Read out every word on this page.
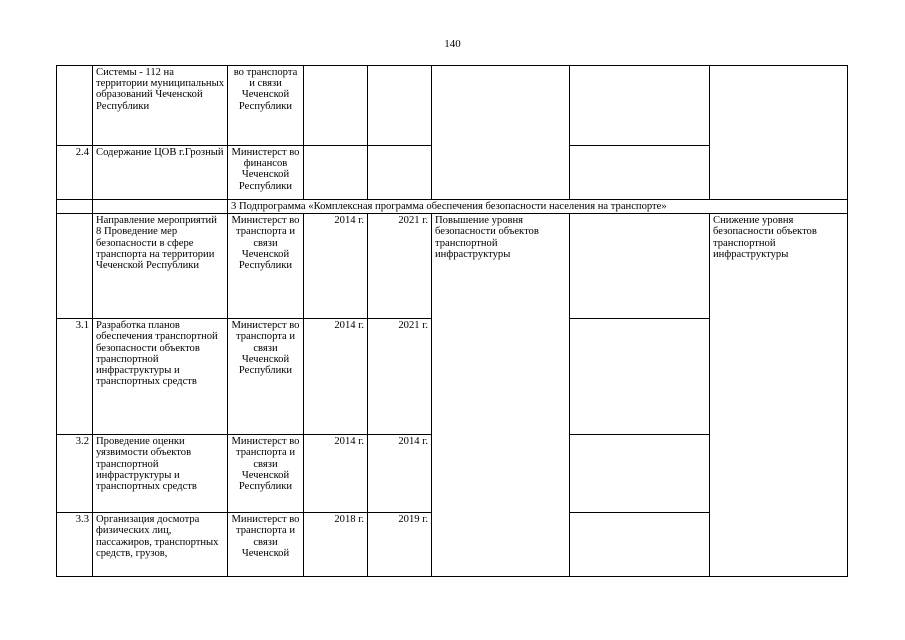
140
	Системы - 112 на территории муниципальных образований Чеченской Республики	во транспорта и связи Чеченской Республики					
2.4	Содержание ЦОВ г.Грозный	Министерст во финансов Чеченской Республики					
		3 Подпрограмма «Комплексная программа обеспечения безопасности населения на транспорте»					
	Направление мероприятий 8 Проведение мер безопасности в сфере транспорта на территории Чеченской Республики	Министерст во транспорта и связи Чеченской Республики	2014 г.	2021 г.	Повышение уровня безопасности объектов транспортной инфраструктуры		Снижение уровня безопасности объектов транспортной инфраструктуры
3.1	Разработка планов обеспечения транспортной безопасности объектов транспортной инфраструктуры и транспортных средств	Министерст во транспорта и связи Чеченской Республики	2014 г.	2021 г.			
3.2	Проведение оценки уязвимости объектов транспортной инфраструктуры и транспортных средств	Министерст во транспорта и связи Чеченской Республики	2014 г.	2014 г.			
3.3	Организация досмотра физических лиц, пассажиров, транспортных средств, грузов,	Министерст во транспорта и связи Чеченской	2018 г.	2019 г.			
